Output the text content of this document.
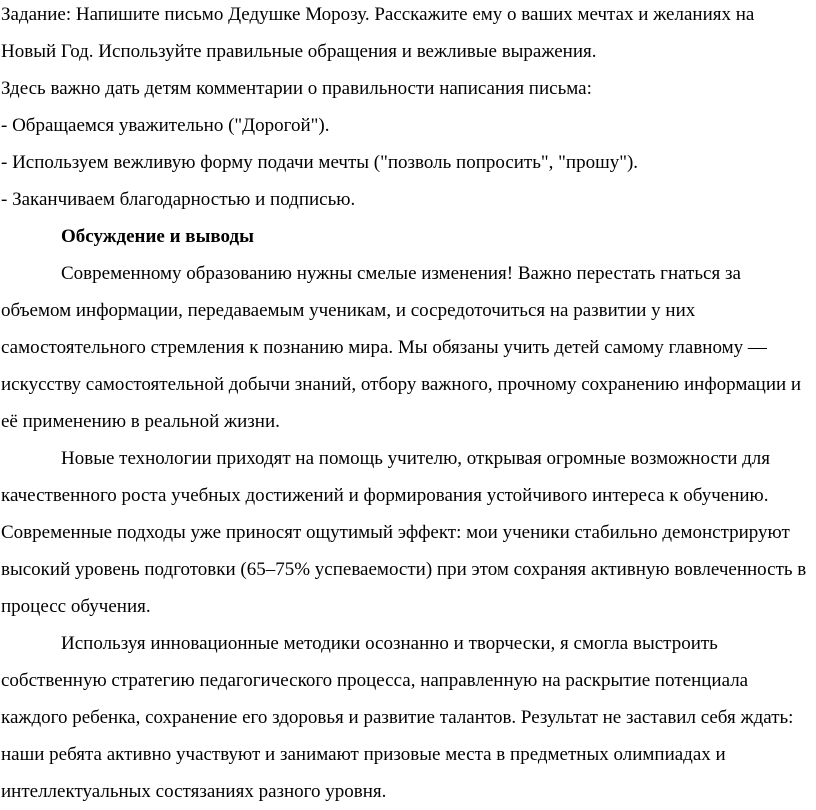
Задание: Напишите письмо Дедушке Морозу. Расскажите ему о ваших мечтах и желаниях на Новый Год. Используйте правильные обращения и вежливые выражения.

Здесь важно дать детям комментарии о правильности написания письма:

- Обращаемся уважительно ("Дорогой").

- Используем вежливую форму подачи мечты ("позволь попросить", "прошу").

- Заканчиваем благодарностью и подписью.

Обсуждение и выводы

Современному образованию нужны смелые изменения! Важно перестать гнаться за объемом информации, передаваемым ученикам, и сосредоточиться на развитии у них самостоятельного стремления к познанию мира. Мы обязаны учить детей самому главному — искусству самостоятельной добычи знаний, отбору важного, прочному сохранению информации и её применению в реальной жизни.

Новые технологии приходят на помощь учителю, открывая огромные возможности для качественного роста учебных достижений и формирования устойчивого интереса к обучению. Современные подходы уже приносят ощутимый эффект: мои ученики стабильно демонстрируют высокий уровень подготовки (65–75% успеваемости) при этом сохраняя активную вовлеченность в процесс обучения.

Используя инновационные методики осознанно и творчески, я смогла выстроить собственную стратегию педагогического процесса, направленную на раскрытие потенциала каждого ребенка, сохранение его здоровья и развитие талантов. Результат не заставил себя ждать: наши ребята активно участвуют и занимают призовые места в предметных олимпиадах и интеллектуальных состязаниях разного уровня.
